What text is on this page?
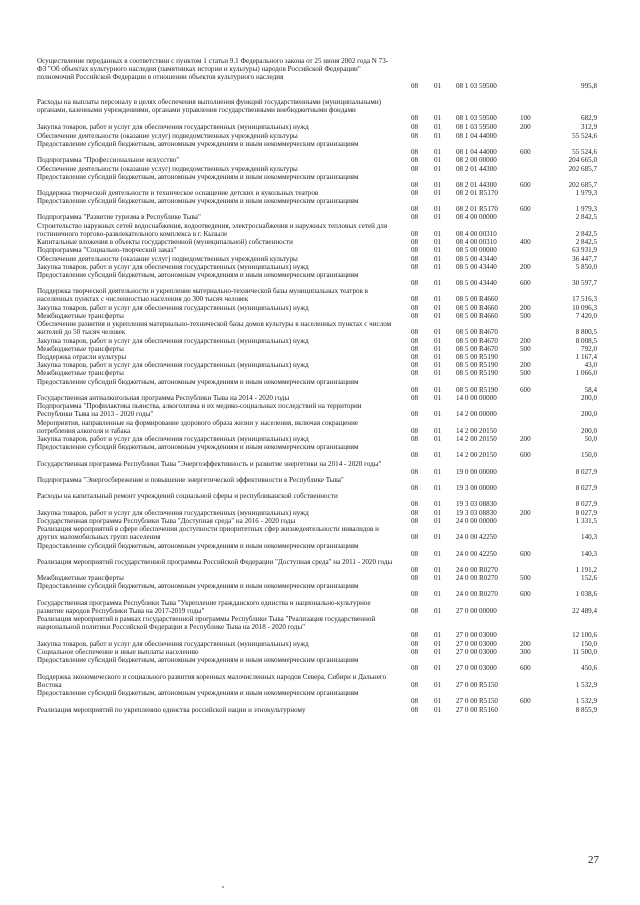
Осуществление переданных в соответствии с пунктом 1 статьи 9.1 Федерального закона от 25 июня 2002 года N 73-ФЗ "Об объектах культурного наследия (памятниках истории и культуры) народов Российской Федерации" полномочий Российской Федерации в отношении объектов культурного наследия
08 01 08 1 03 59500	995,8
Расходы на выплаты персоналу в целях обеспечения выполнения функций государственными (муниципальными) органами, казенными учреждениями, органами управления государственными внебюджетными фондами
08 01 08 1 03 59500	100	682,9
Закупка товаров, работ и услуг для обеспечения государственных (муниципальных) нужд	08 01 08 1 03 59500	200	312,9
Обеспечение деятельности (оказание услуг) подведомственных учреждений культуры	08 01 08 1 04 44000	55 524,6
Предоставление субсидий бюджетным, автономным учреждениям и иным некоммерческим организациям
08 01 08 1 04 44000	600	55 524,6
Подпрограмма "Профессиональное искусство"	08 01 08 2 00 00000	204 665,0
Обеспечение деятельности (оказание услуг) подведомственных учреждений культуры	08 01 08 2 01 44300	202 685,7
Предоставление субсидий бюджетным, автономным учреждениям и иным некоммерческим организациям
08 01 08 2 01 44300	600	202 685,7
Поддержка творческой деятельности и техническое оснащение детских и кукольных театров	08 01 08 2 01 R5170	1 979,3
Предоставление субсидий бюджетным, автономным учреждениям и иным некоммерческим организациям
08 01 08 2 01 R5170	600	1 979,3
Подпрограмма "Развитие туризма в Республике Тыва"	08 01 08 4 00 00000	2 842,5
Строительство наружных сетей водоснабжения, водоотведения, электроснабжения и наружных тепловых сетей для гостиничного торгово-развлекательного комплекса в г. Кызыле	08 01 08 4 00 00310	2 842,5
Капитальные вложения в объекты государственной (муниципальной) собственности	08 01 08 4 00 00310	400	2 842,5
Подпрограмма "Социально-творческий заказ"	08 01 08 5 00 00000	63 931,9
Обеспечение деятельности (оказание услуг) подведомственных учреждений культуры	08 01 08 5 00 43440	36 447,7
Закупка товаров, работ и услуг для обеспечения государственных (муниципальных) нужд	08 01 08 5 00 43440	200	5 850,0
Предоставление субсидий бюджетным, автономным учреждениям и иным некоммерческим организациям
08 01 08 5 00 43440	600	30 597,7
Поддержка творческой деятельности и укрепление материально-технической базы муниципальных театров в населенных пунктах с численностью населения до 300 тысяч человек	08 01 08 5 00 R4660	17 516,3
Закупка товаров, работ и услуг для обеспечения государственных (муниципальных) нужд	08 01 08 5 00 R4660	200	10 096,3
Межбюджетные трансферты	08 01 08 5 00 R4660	500	7 420,0
Обеспечение развития и укрепления материально-технической базы домов культуры в населенных пунктах с числом жителей до 50 тысяч человек	08 01 08 5 00 R4670	8 800,5
Закупка товаров, работ и услуг для обеспечения государственных (муниципальных) нужд	08 01 08 5 00 R4670	200	8 008,5
Межбюджетные трансферты	08 01 08 5 00 R4670	500	792,0
Поддержка отрасли культуры	08 01 08 5 00 R5190	1 167,4
Закупка товаров, работ и услуг для обеспечения государственных (муниципальных) нужд	08 01 08 5 00 R5190	200	43,0
Межбюджетные трансферты	08 01 08 5 00 R5190	500	1 066,0
Предоставление субсидий бюджетным, автономным учреждениям и иным некоммерческим организациям
08 01 08 5 00 R5190	600	58,4
Государственная антиалкогольная программа Республики Тыва на 2014 - 2020 годы	08 01 14 0 00 00000	200,0
Подпрограмма "Профилактика пьянства, алкоголизма и их медико-социальных последствий на территории Республики Тыва на 2013 - 2020 годы"	08 01 14 2 00 00000	200,0
Мероприятия, направленные на формирование здорового образа жизни у населения, включая сокращение потребления алкоголя и табака	08 01 14 2 00 20150	200,0
Закупка товаров, работ и услуг для обеспечения государственных (муниципальных) нужд	08 01 14 2 00 20150	200	50,0
Предоставление субсидий бюджетным, автономным учреждениям и иным некоммерческим организациям
08 01 14 2 00 20150	600	150,0
Государственная программа Республики Тыва "Энергоэффективность и развитие энергетики на 2014 - 2020 годы"
08 01 19 0 00 00000	8 027,9
Подпрограмма "Энергосбережение и повышение энергетической эффективности в Республике Тыва"
08 01 19 3 00 00000	8 027,9
Расходы на капитальный ремонт учреждений социальной сферы и республиканской собственности
08 01 19 3 03 08830	8 027,9
Закупка товаров, работ и услуг для обеспечения государственных (муниципальных) нужд	08 01 19 3 03 08830	200	8 027,9
Государственная программа Республики Тыва "Доступная среда" на 2016 - 2020 годы	08 01 24 0 00 00000	1 331,5
Реализация мероприятий в сфере обеспечения доступности приоритетных сфер жизнедеятельности инвалидов и других маломобильных групп населения	08 01 24 0 00 42250	140,3
Предоставление субсидий бюджетным, автономным учреждениям и иным некоммерческим организациям
08 01 24 0 00 42250	600	140,3
Реализация мероприятий государственной программы Российской Федерации "Доступная среда" на 2011 - 2020 годы
08 01 24 0 00 R0270	1 191,2
Межбюджетные трансферты	08 01 24 0 00 R0270	500	152,6
Предоставление субсидий бюджетным, автономным учреждениям и иным некоммерческим организациям
08 01 24 0 00 R0270	600	1 038,6
Государственная программа Республики Тыва "Укрепление гражданского единства и национально-культурное развитие народов Республики Тыва на 2017-2019 годы"	08 01 27 0 00 00000	22 489,4
Реализация мероприятий в рамках государственной программы Республики Тыва "Реализация государственной национальной политики Российской Федерации в Республике Тыва на 2018 - 2020 годы"
08 01 27 0 00 03000	12 100,6
Закупка товаров, работ и услуг для обеспечения государственных (муниципальных) нужд	08 01 27 0 00 03000	200	150,0
Социальное обеспечение и иные выплаты населению	08 01 27 0 00 03000	300	11 500,0
Предоставление субсидий бюджетным, автономным учреждениям и иным некоммерческим организациям
08 01 27 0 00 03000	600	450,6
Поддержка экономического и социального развития коренных малочисленных народов Севера, Сибири и Дальнего Востока	08 01 27 0 00 R5150	1 532,9
Предоставление субсидий бюджетным, автономным учреждениям и иным некоммерческим организациям
08 01 27 0 00 R5150	600	1 532,9
Реализация мероприятий по укреплению единства российской нации и этнокультурному	08 01 27 0 00 R5160	8 855,9
27
